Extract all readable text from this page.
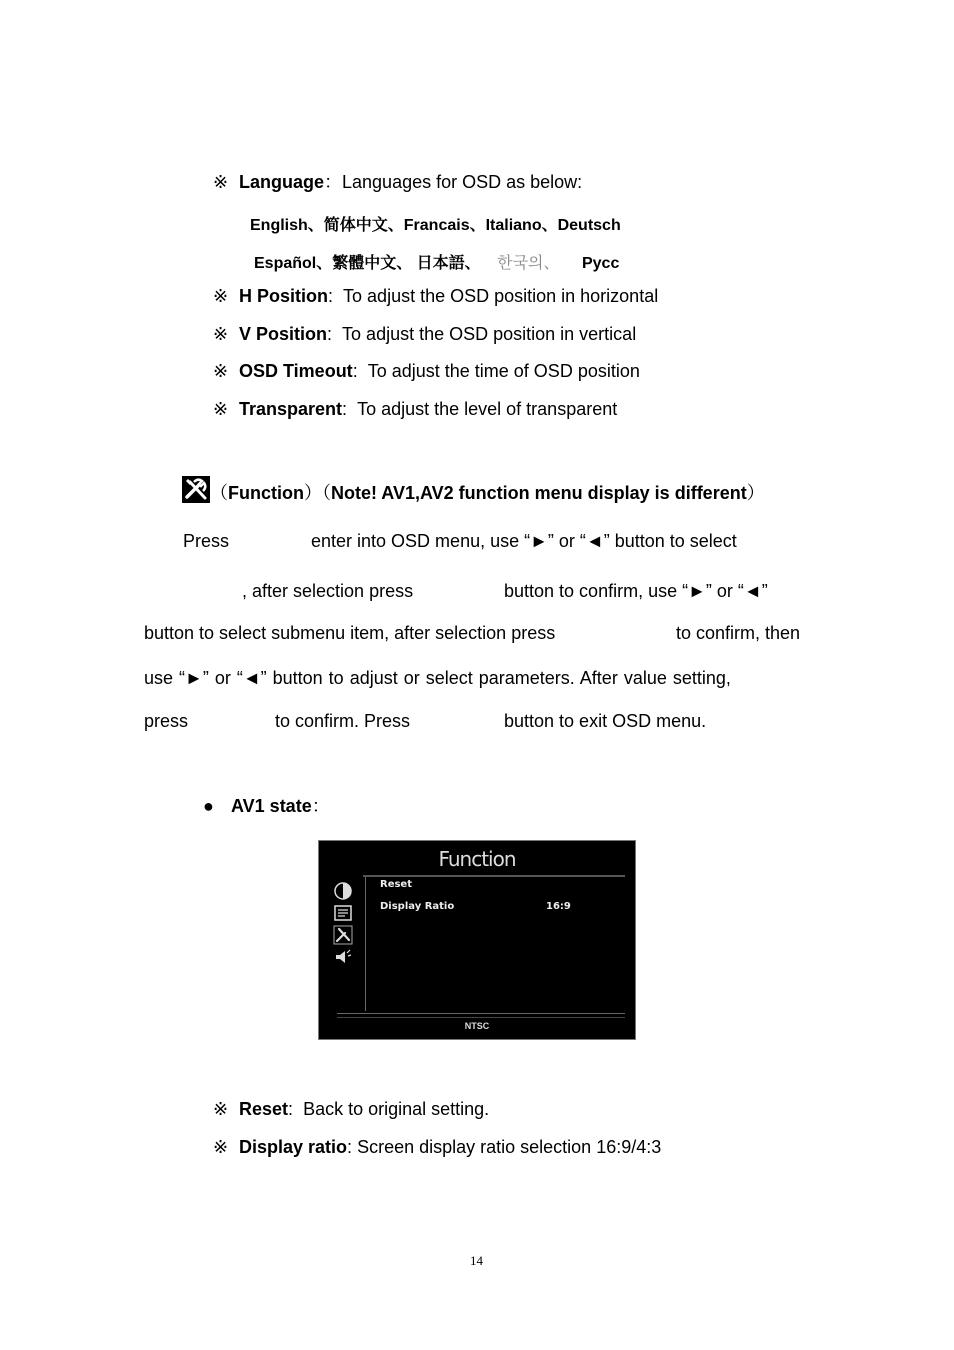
※ Language：Languages for OSD as below:
English、简体中文、Francais、Italiano、Deutsch
Español、繁體中文、 日本語、 한국의、 Pycc
※ H Position: To adjust the OSD position in horizontal
※ V Position: To adjust the OSD position in vertical
※ OSD Timeout: To adjust the time of OSD position
※ Transparent: To adjust the level of transparent
（Function）（Note! AV1,AV2 function menu display is different）
Press	enter into OSD menu, use “►” or “◄” button to select
, after selection press	button to confirm, use “►” or “◄”
button to select submenu item, after selection press	to confirm, then
use “►” or “◄” button to adjust or select parameters. After value setting,
press	to confirm. Press	button to exit OSD menu.
● AV1 state：
Function
Reset
Display Ratio	16:9
NTSC
※ Reset: Back to original setting.
※ Display ratio: Screen display ratio selection 16:9/4:3
14
